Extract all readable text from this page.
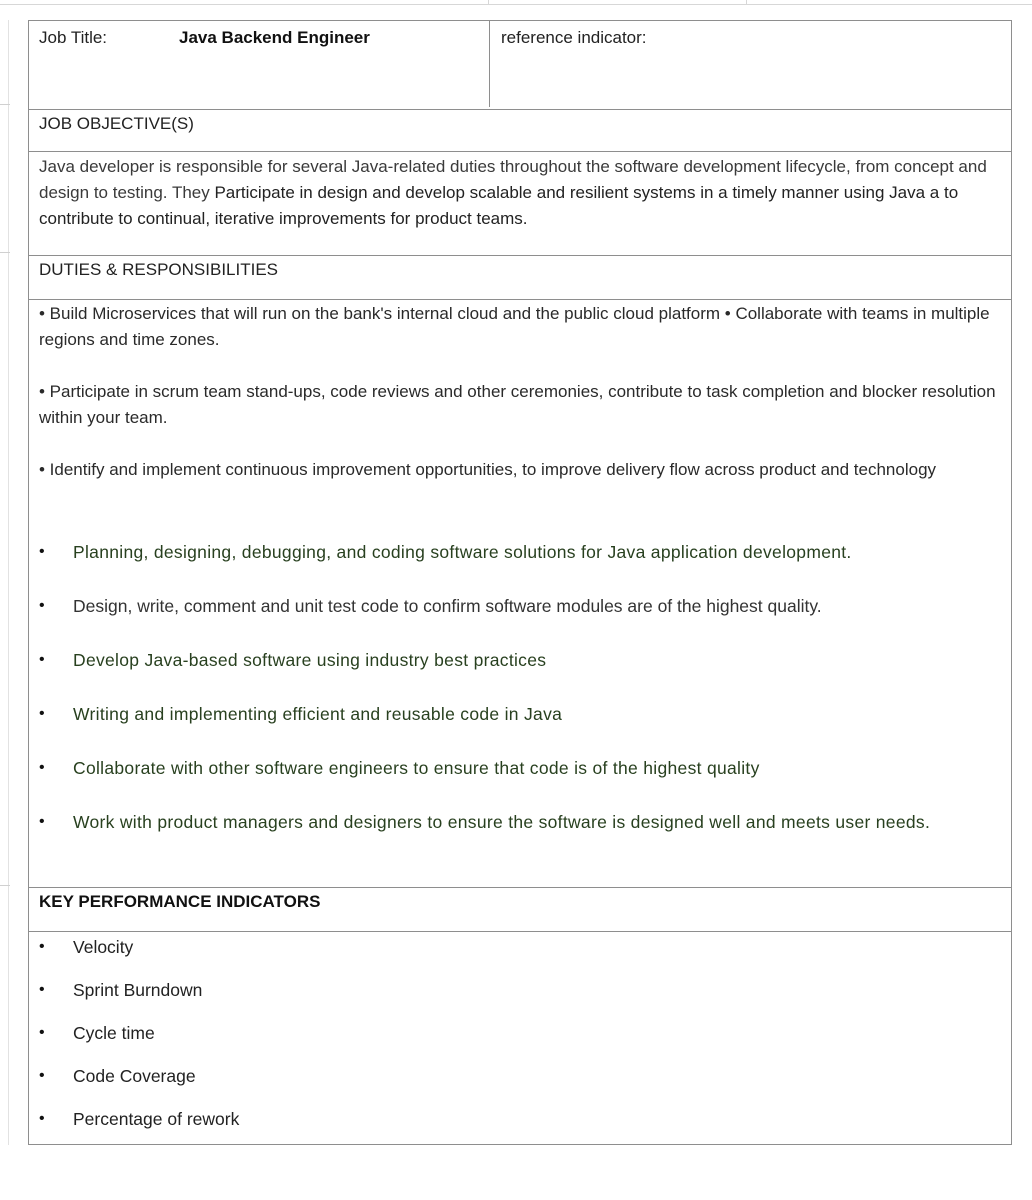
Job Title:	Java Backend Engineer	reference indicator:
JOB OBJECTIVE(S)
Java developer is responsible for several Java-related duties throughout the software development lifecycle, from concept and design to testing. They Participate in design and develop scalable and resilient systems in a timely manner using Java a to contribute to continual, iterative improvements for product teams.
DUTIES & RESPONSIBILITIES
• Build Microservices that will run on the bank's internal cloud and the public cloud platform • Collaborate with teams in multiple regions and time zones.
• Participate in scrum team stand-ups, code reviews and other ceremonies, contribute to task completion and blocker resolution within your team.
• Identify and implement continuous improvement opportunities, to improve delivery flow across product and technology
• Planning, designing, debugging, and coding software solutions for Java application development.
• Design, write, comment and unit test code to confirm software modules are of the highest quality.
• Develop Java-based software using industry best practices
• Writing and implementing efficient and reusable code in Java
• Collaborate with other software engineers to ensure that code is of the highest quality
• Work with product managers and designers to ensure the software is designed well and meets user needs.
KEY PERFORMANCE INDICATORS
• Velocity
• Sprint Burndown
• Cycle time
• Code Coverage
• Percentage of rework
